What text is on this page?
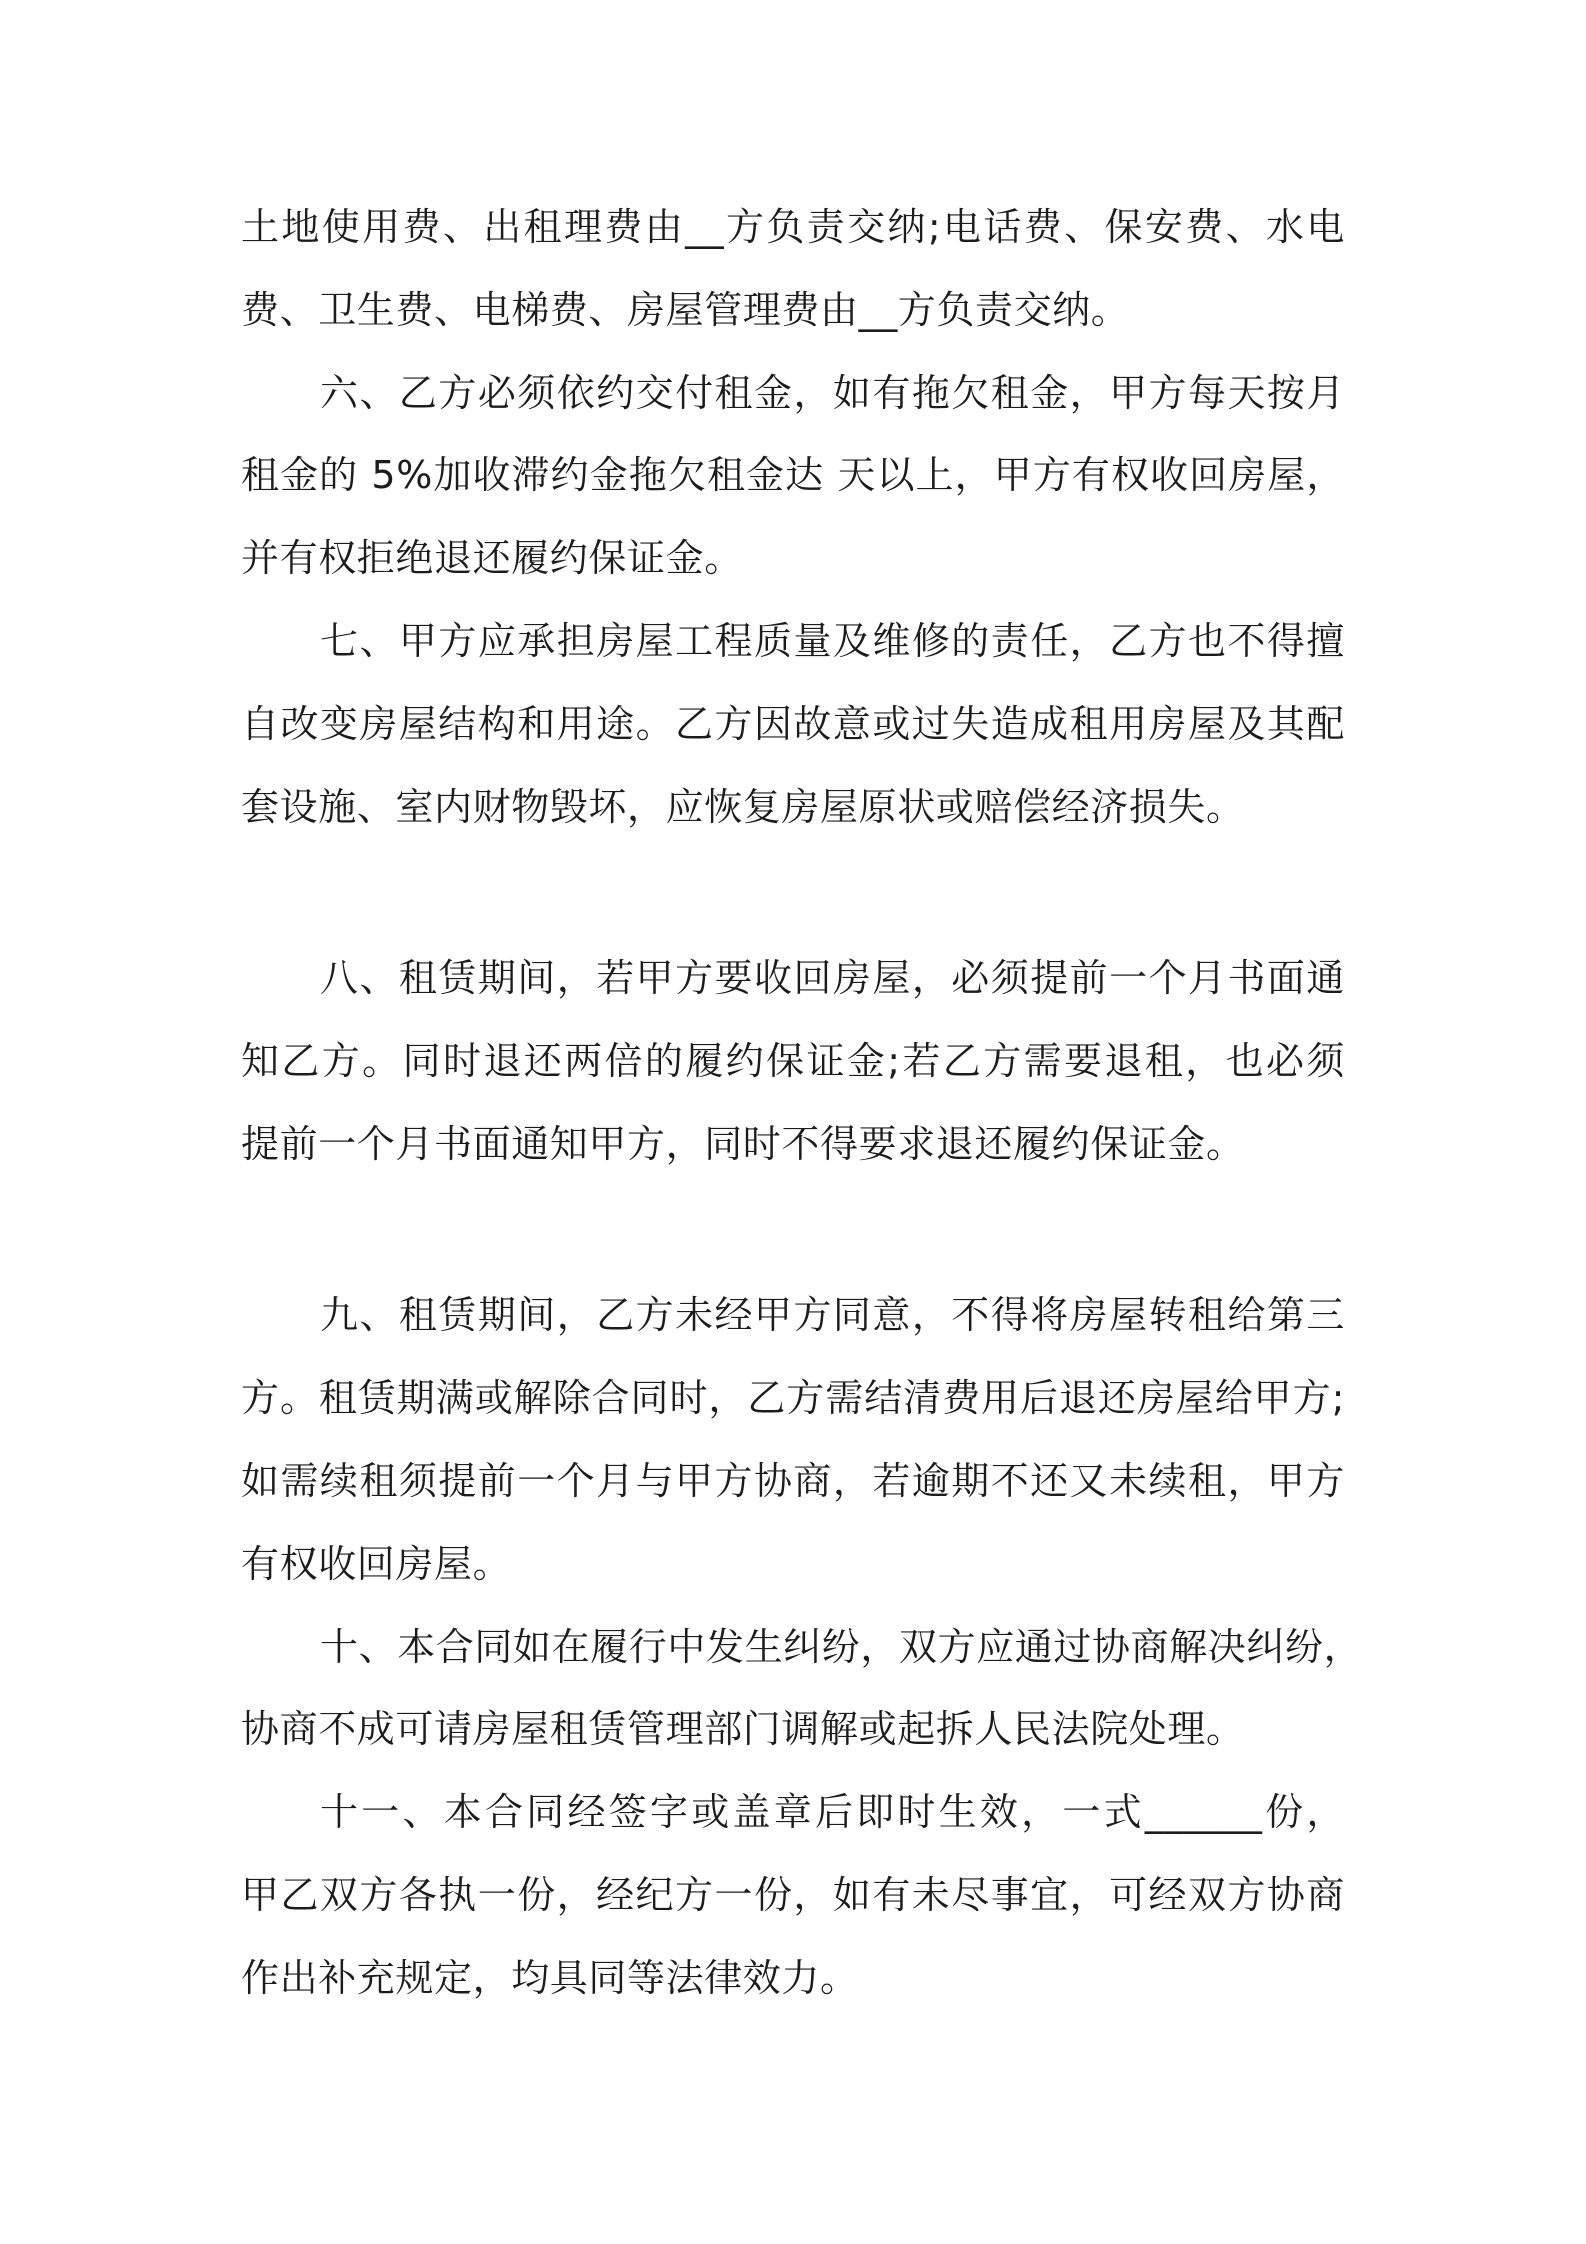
土地使用费、出租理费由__方负责交纳;电话费、保安费、水电
费、卫生费、电梯费、房屋管理费由__方负责交纳。
六、乙方必须依约交付租金，如有拖欠租金，甲方每天按月
租金的 5%加收滞约金拖欠租金达 天以上，甲方有权收回房屋，
并有权拒绝退还履约保证金。
七、甲方应承担房屋工程质量及维修的责任，乙方也不得擅
自改变房屋结构和用途。乙方因故意或过失造成租用房屋及其配
套设施、室内财物毁坏，应恢复房屋原状或赔偿经济损失。
八、租赁期间，若甲方要收回房屋，必须提前一个月书面通
知乙方。同时退还两倍的履约保证金;若乙方需要退租，也必须
提前一个月书面通知甲方，同时不得要求退还履约保证金。
九、租赁期间，乙方未经甲方同意，不得将房屋转租给第三
方。租赁期满或解除合同时，乙方需结清费用后退还房屋给甲方;
如需续租须提前一个月与甲方协商，若逾期不还又未续租，甲方
有权收回房屋。
十、本合同如在履行中发生纠纷，双方应通过协商解决纠纷，
协商不成可请房屋租赁管理部门调解或起拆人民法院处理。
十一、本合同经签字或盖章后即时生效，一式______份，
甲乙双方各执一份，经纪方一份，如有未尽事宜，可经双方协商
作出补充规定，均具同等法律效力。
